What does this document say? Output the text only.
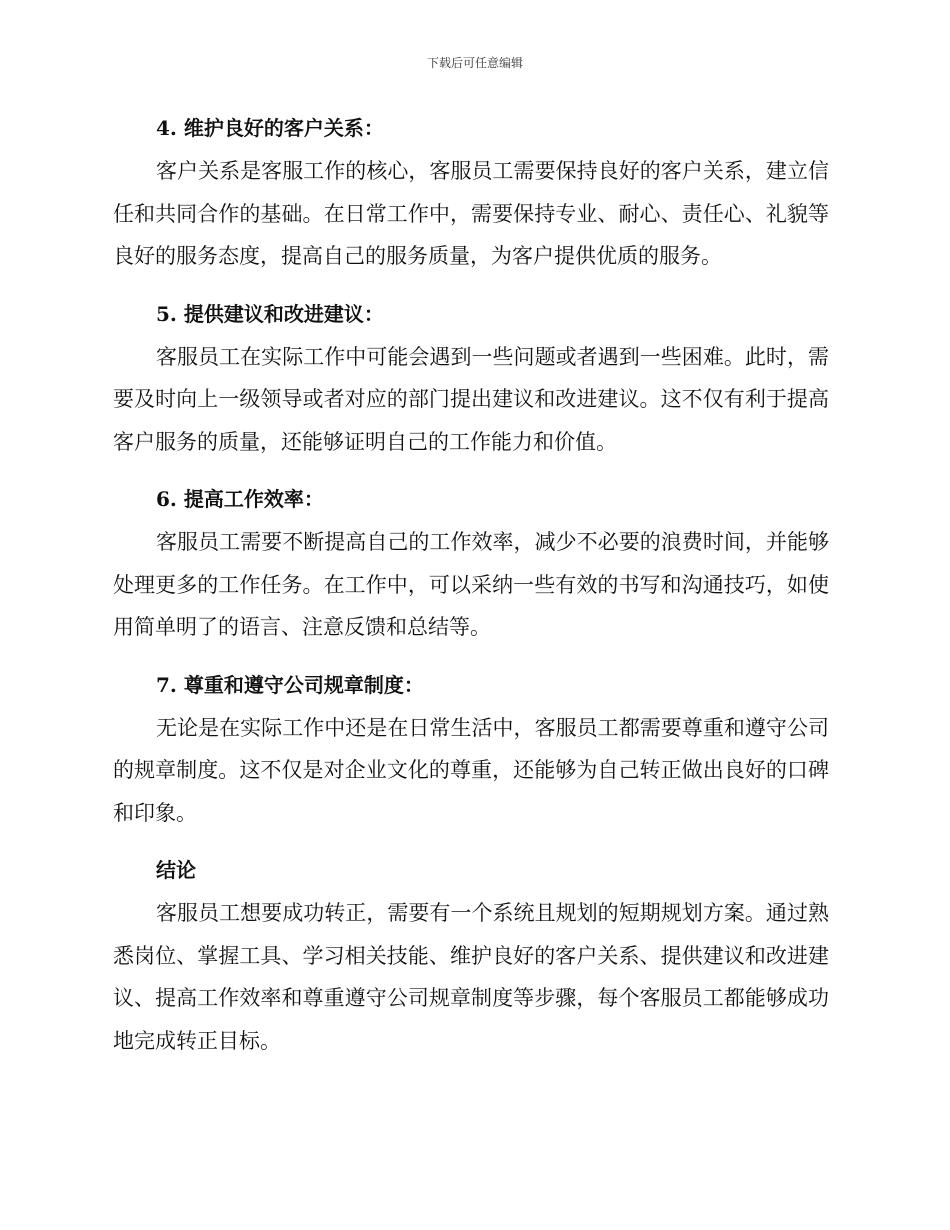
下载后可任意编辑
4. 维护良好的客户关系：

客户关系是客服工作的核心，客服员工需要保持良好的客户关系，建立信任和共同合作的基础。在日常工作中，需要保持专业、耐心、责任心、礼貌等良好的服务态度，提高自己的服务质量，为客户提供优质的服务。

5. 提供建议和改进建议：

客服员工在实际工作中可能会遇到一些问题或者遇到一些困难。此时，需要及时向上一级领导或者对应的部门提出建议和改进建议。这不仅有利于提高客户服务的质量，还能够证明自己的工作能力和价值。

6. 提高工作效率：

客服员工需要不断提高自己的工作效率，减少不必要的浪费时间，并能够处理更多的工作任务。在工作中，可以采纳一些有效的书写和沟通技巧，如使用简单明了的语言、注意反馈和总结等。

7. 尊重和遵守公司规章制度：

无论是在实际工作中还是在日常生活中，客服员工都需要尊重和遵守公司的规章制度。这不仅是对企业文化的尊重，还能够为自己转正做出良好的口碑和印象。

结论

客服员工想要成功转正，需要有一个系统且规划的短期规划方案。通过熟悉岗位、掌握工具、学习相关技能、维护良好的客户关系、提供建议和改进建议、提高工作效率和尊重遵守公司规章制度等步骤，每个客服员工都能够成功地完成转正目标。
